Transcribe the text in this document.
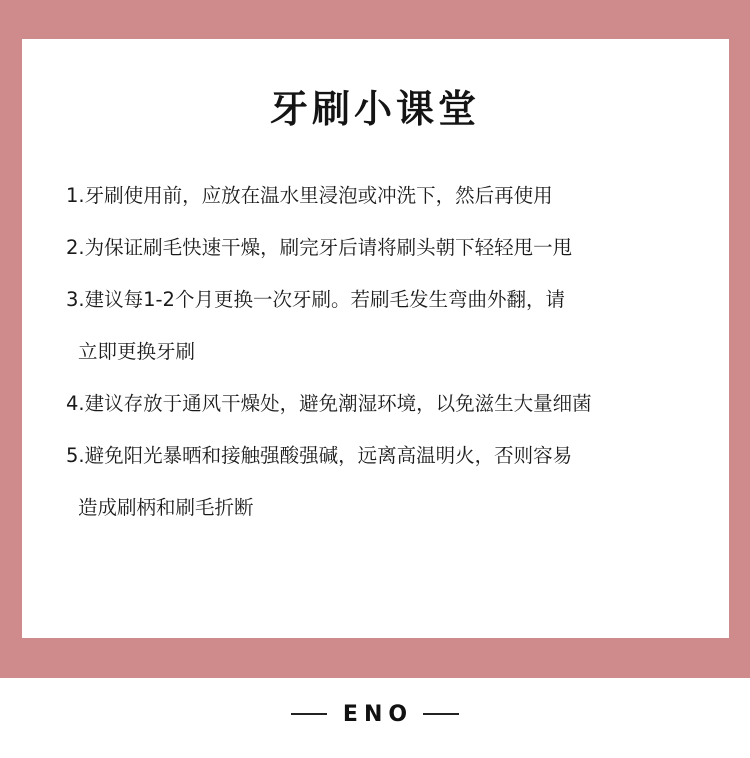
牙刷小课堂
1.牙刷使用前，应放在温水里浸泡或冲洗下，然后再使用
2.为保证刷毛快速干燥，刷完牙后请将刷头朝下轻轻甩一甩
3.建议每1-2个月更换一次牙刷。若刷毛发生弯曲外翻，请
立即更换牙刷
4.建议存放于通风干燥处，避免潮湿环境，以免滋生大量细菌
5.避免阳光暴晒和接触强酸强碱，远离高温明火，否则容易
造成刷柄和刷毛折断
ENO
